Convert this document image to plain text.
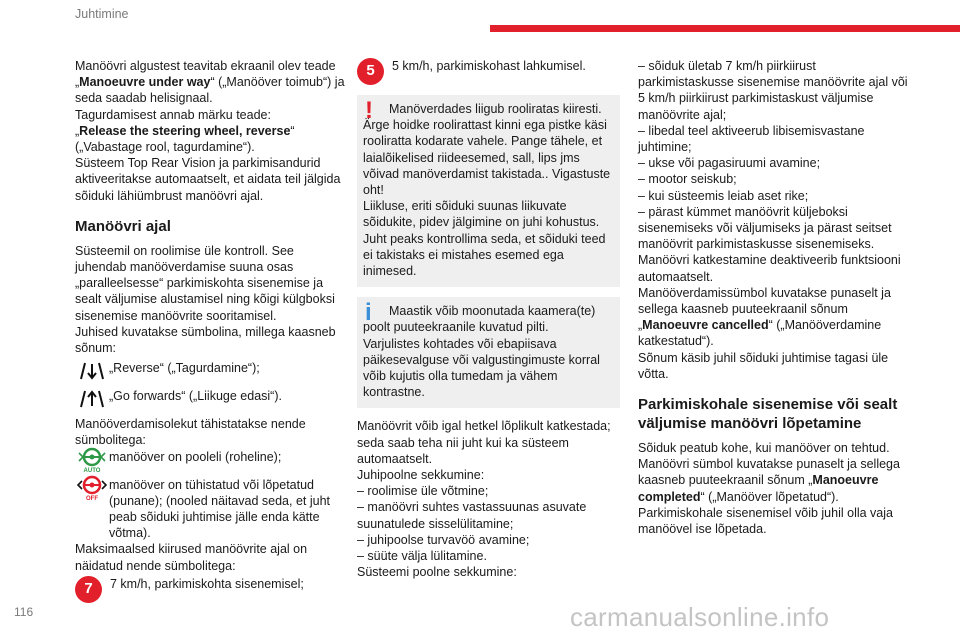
Juhtimine

Manöövri algustest teavitab ekraanil olev teade
„Manoeuvre under way“ („Manööver toimub“) ja seda saadab helisignaal.

Tagurdamisest annab märku teade:
„Release the steering wheel, reverse“
(„Vabastage rool, tagurdamine“).
Süsteem Top Rear Vision ja parkimisandurid aktiveeritakse automaatselt, et aidata teil jälgida sõiduki lähiümbrust manöövri ajal.

Manöövri ajal

Süsteemil on roolimise üle kontroll. See juhendab manööverdamise suuna osas „paralleelsesse“ parkimiskohta sisenemise ja sealt väljumise alustamisel ning kõigi külgboksi sisenemise manöövrite sooritamisel.
Juhised kuvatakse sümbolina, millega kaasneb sõnum:

„Reverse“ („Tagurdamine“);
„Go forwards“ („Liikuge edasi“).

Manööverdamisolekut tähistatakse nende sümbolitega:

AUTO
manööver on pooleli (roheline);
OFF
manööver on tühistatud või lõpetatud (punane); (nooled näitavad seda, et juht peab sõiduki juhtimise jälle enda kätte võtma).

Maksimaalsed kiirused manöövrite ajal on näidatud nende sümbolitega:

7	7 km/h, parkimiskohta sisenemisel;
5	5 km/h, parkimiskohast lahkumisel.
!	Manöverdades liigub rooliratas kiiresti. Ärge hoidke roolirattast kinni ega pistke käsi rooliratta kodarate vahele. Pange tähele, et laialõikelised riideesemed, sall, lips jms võivad manöverdamist takistada.. Vigastuste oht!
Liikluse, eriti sõiduki suunas liikuvate sõidukite, pidev jälgimine on juhi kohustus. Juht peaks kontrollima seda, et sõiduki teed ei takistaks ei mistahes esemed ega inimesed.

i	Maastik võib moonutada kaamera(te) poolt puuteekraanile kuvatud pilti.
Varjulistes kohtades või ebapiisava päikesevalguse või valgustingimuste korral võib kujutis olla tumedam ja vähem kontrastne.

Manöövrit võib igal hetkel lõplikult katkestada; seda saab teha nii juht kui ka süsteem automaatselt.
Juhipoolne sekkumine:
– roolimise üle võtmine;
– manöövri suhtes vastassuunas asuvate suunatulede sisselülitamine;
– juhipoolse turvavöö avamine;
– süüte välja lülitamine.
Süsteemi poolne sekkumine:

– sõiduk ületab 7 km/h piirkiirust parkimistaskusse sisenemise manöövrite ajal või 5 km/h piirkiirust parkimistaskust väljumise manöövrite ajal;
– libedal teel aktiveerub libisemisvastane juhtimine;
– ukse või pagasiruumi avamine;
– mootor seiskub;
– kui süsteemis leiab aset rike;
– pärast kümmet manöövrit küljeboksi sisenemiseks või väljumiseks ja pärast seitset manöövrit parkimistaskusse sisenemiseks.
Manöövri katkestamine deaktiveerib funktsiooni automaatselt.
Manööverdamissümbol kuvatakse punaselt ja sellega kaasneb puuteekraanil sõnum
„Manoeuvre cancelled“ („Manööverdamine katkestatud“).
Sõnum käsib juhil sõiduki juhtimise tagasi üle võtta.

Parkimiskohale sisenemise või sealt väljumise manöövri lõpetamine

Sõiduk peatub kohe, kui manööver on tehtud.
Manöövri sümbol kuvatakse punaselt ja sellega kaasneb puuteekraanil sõnum „Manoeuvre completed“ („Manööver lõpetatud“).
Parkimiskohale sisenemisel võib juhil olla vaja manöövel ise lõpetada.

116	carmanualsonline.info
